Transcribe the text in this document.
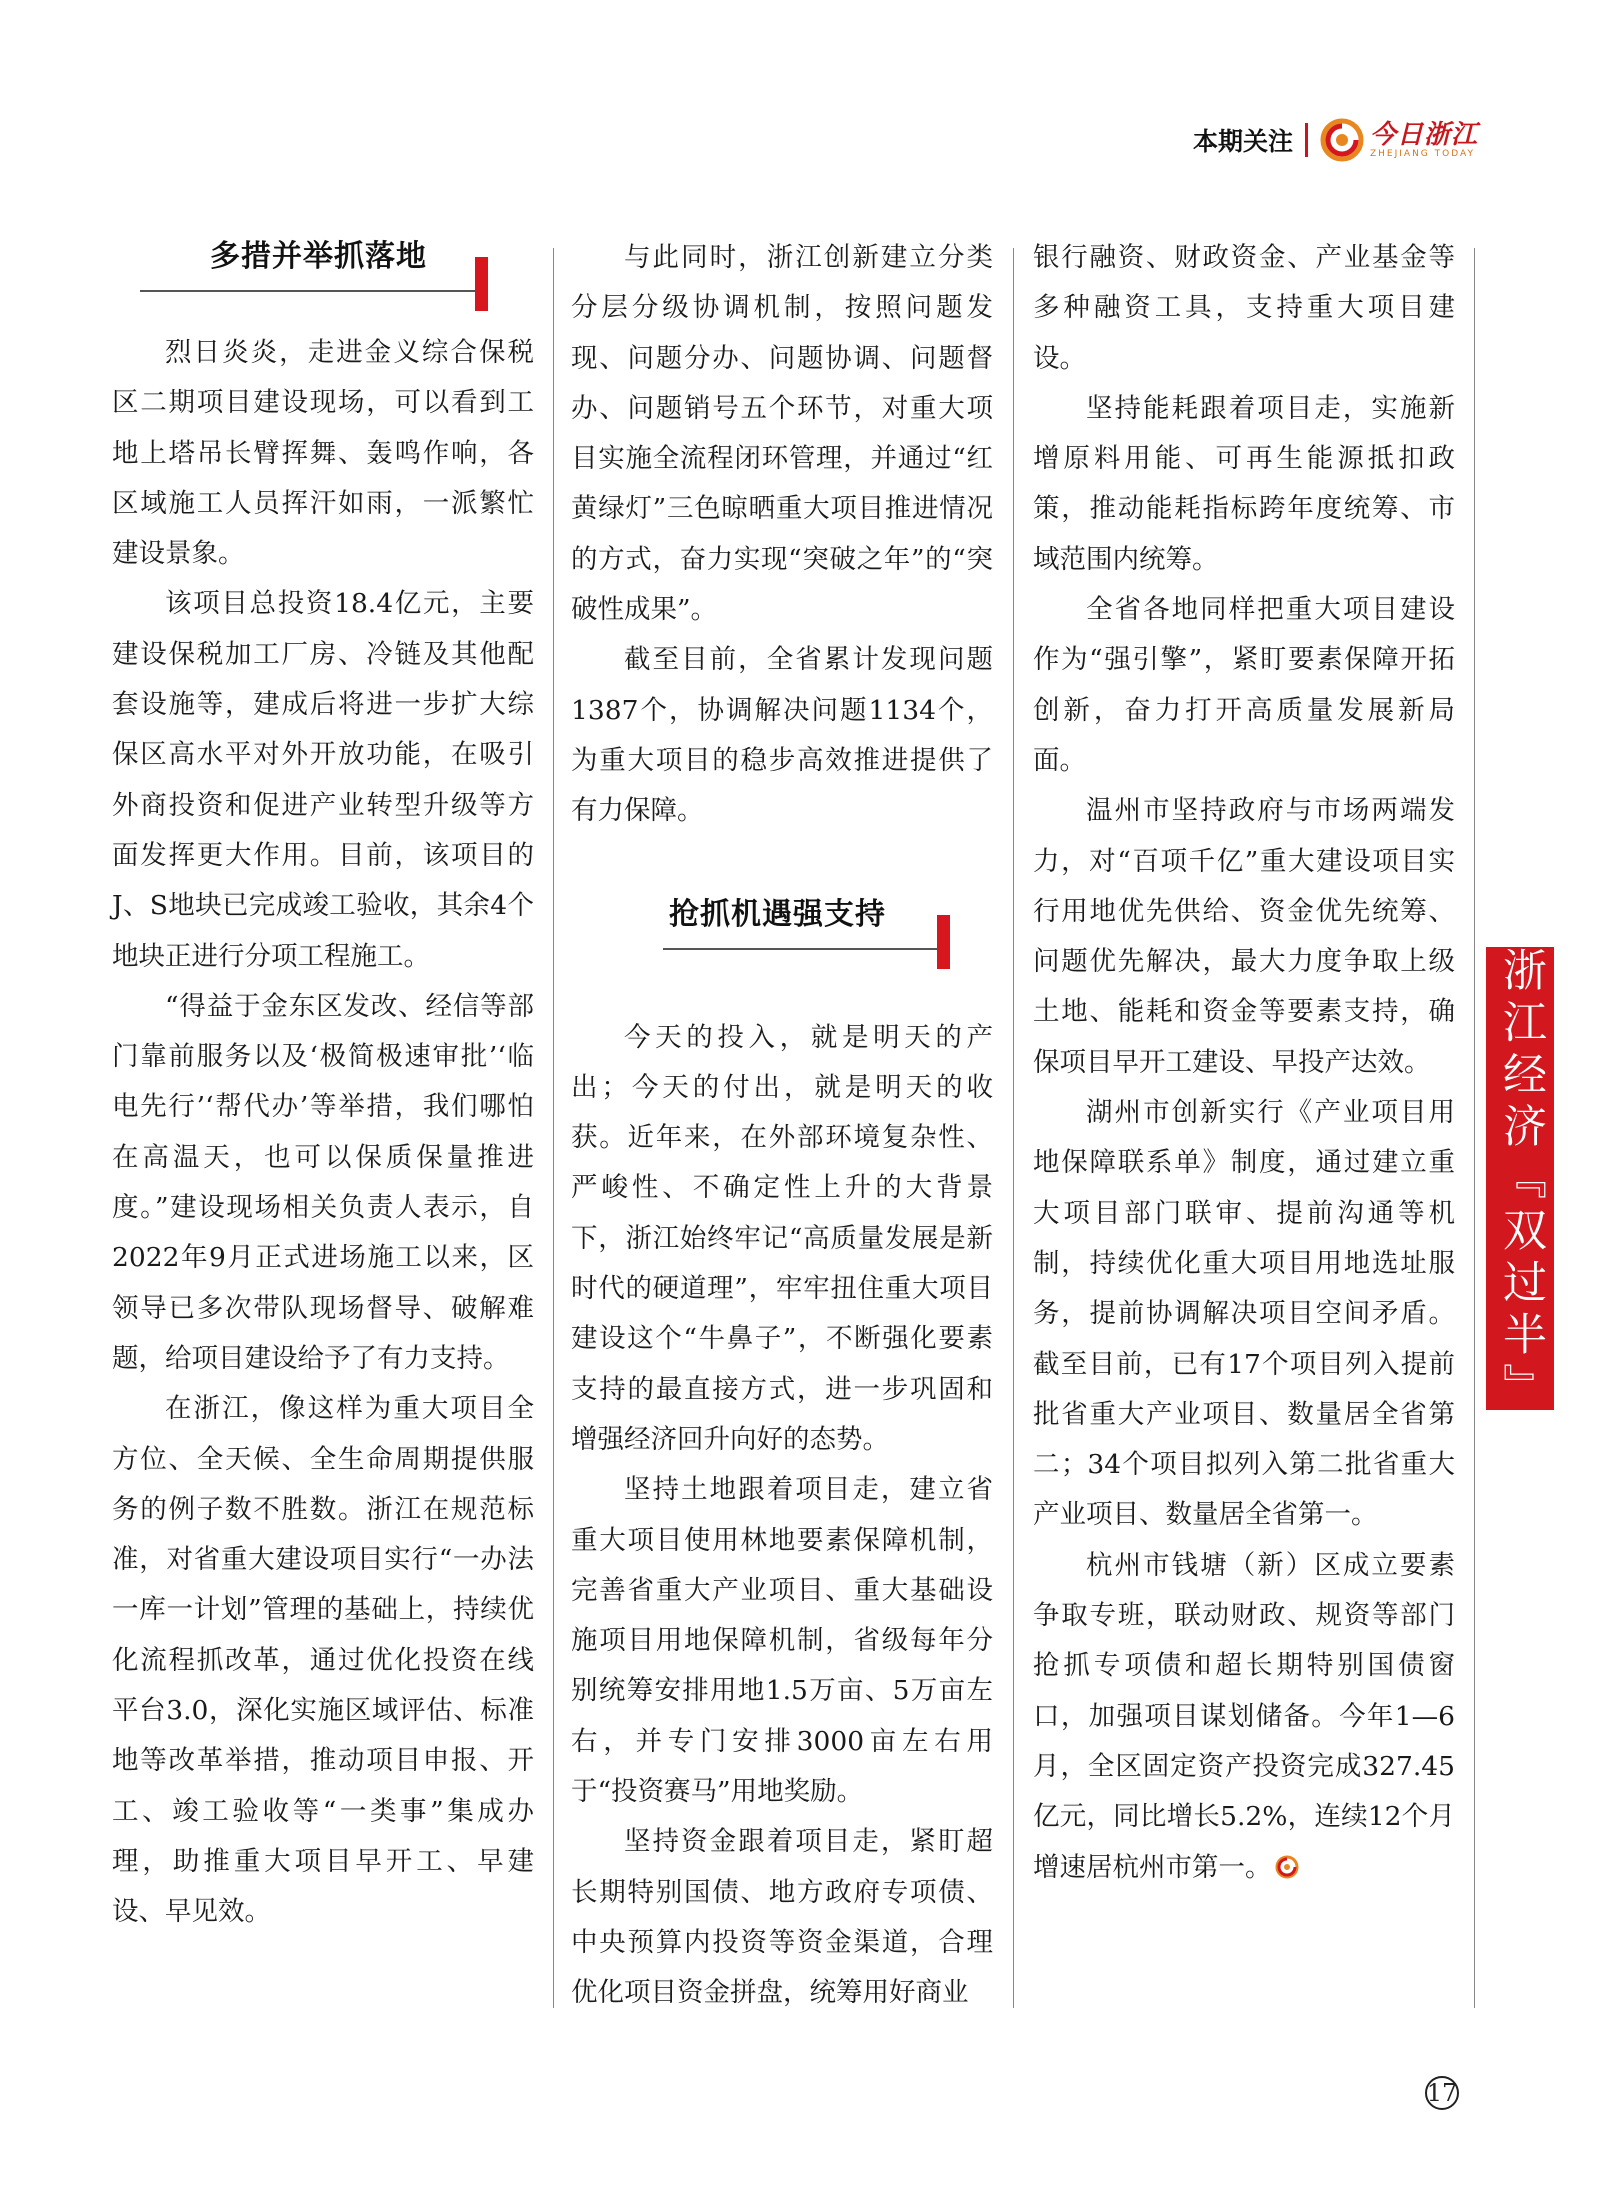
本期关注	今日浙江
ZHEJIANG TODAY
多措并举抓落地

烈日炎炎，走进金义综合保税区二期项目建设现场，可以看到工地上塔吊长臂挥舞、轰鸣作响，各区域施工人员挥汗如雨，一派繁忙建设景象。

该项目总投资18.4亿元，主要建设保税加工厂房、冷链及其他配套设施等，建成后将进一步扩大综保区高水平对外开放功能，在吸引外商投资和促进产业转型升级等方面发挥更大作用。目前，该项目的J、S地块已完成竣工验收，其余4个地块正进行分项工程施工。

“得益于金东区发改、经信等部门靠前服务以及‘极简极速审批’‘临电先行’‘帮代办’等举措，我们哪怕在高温天，也可以保质保量推进度。”建设现场相关负责人表示，自2022年9月正式进场施工以来，区领导已多次带队现场督导、破解难题，给项目建设给予了有力支持。

在浙江，像这样为重大项目全方位、全天候、全生命周期提供服务的例子数不胜数。浙江在规范标准，对省重大建设项目实行“一办法一库一计划”管理的基础上，持续优化流程抓改革，通过优化投资在线平台3.0，深化实施区域评估、标准地等改革举措，推动项目申报、开工、竣工验收等“一类事”集成办理，助推重大项目早开工、早建设、早见效。

与此同时，浙江创新建立分类分层分级协调机制，按照问题发现、问题分办、问题协调、问题督办、问题销号五个环节，对重大项目实施全流程闭环管理，并通过“红黄绿灯”三色晾晒重大项目推进情况的方式，奋力实现“突破之年”的“突破性成果”。

截至目前，全省累计发现问题1387个，协调解决问题1134个，为重大项目的稳步高效推进提供了有力保障。

抢抓机遇强支持

今天的投入，就是明天的产出；今天的付出，就是明天的收获。近年来，在外部环境复杂性、严峻性、不确定性上升的大背景下，浙江始终牢记“高质量发展是新时代的硬道理”，牢牢扭住重大项目建设这个“牛鼻子”，不断强化要素支持的最直接方式，进一步巩固和增强经济回升向好的态势。

坚持土地跟着项目走，建立省重大项目使用林地要素保障机制，完善省重大产业项目、重大基础设施项目用地保障机制，省级每年分别统筹安排用地1.5万亩、5万亩左右，并专门安排3000亩左右用于“投资赛马”用地奖励。

坚持资金跟着项目走，紧盯超长期特别国债、地方政府专项债、中央预算内投资等资金渠道，合理优化项目资金拼盘，统筹用好商业

银行融资、财政资金、产业基金等多种融资工具，支持重大项目建设。

坚持能耗跟着项目走，实施新增原料用能、可再生能源抵扣政策，推动能耗指标跨年度统筹、市域范围内统筹。

全省各地同样把重大项目建设作为“强引擎”，紧盯要素保障开拓创新，奋力打开高质量发展新局面。

温州市坚持政府与市场两端发力，对“百项千亿”重大建设项目实行用地优先供给、资金优先统筹、问题优先解决，最大力度争取上级土地、能耗和资金等要素支持，确保项目早开工建设、早投产达效。

湖州市创新实行《产业项目用地保障联系单》制度，通过建立重大项目部门联审、提前沟通等机制，持续优化重大项目用地选址服务，提前协调解决项目空间矛盾。截至目前，已有17个项目列入提前批省重大产业项目、数量居全省第二；34个项目拟列入第二批省重大产业项目、数量居全省第一。

杭州市钱塘（新）区成立要素争取专班，联动财政、规资等部门抢抓专项债和超长期特别国债窗口，加强项目谋划储备。今年1—6月，全区固定资产投资完成327.45亿元，同比增长5.2%，连续12个月增速居杭州市第一。

浙江经济『双过半』
17
